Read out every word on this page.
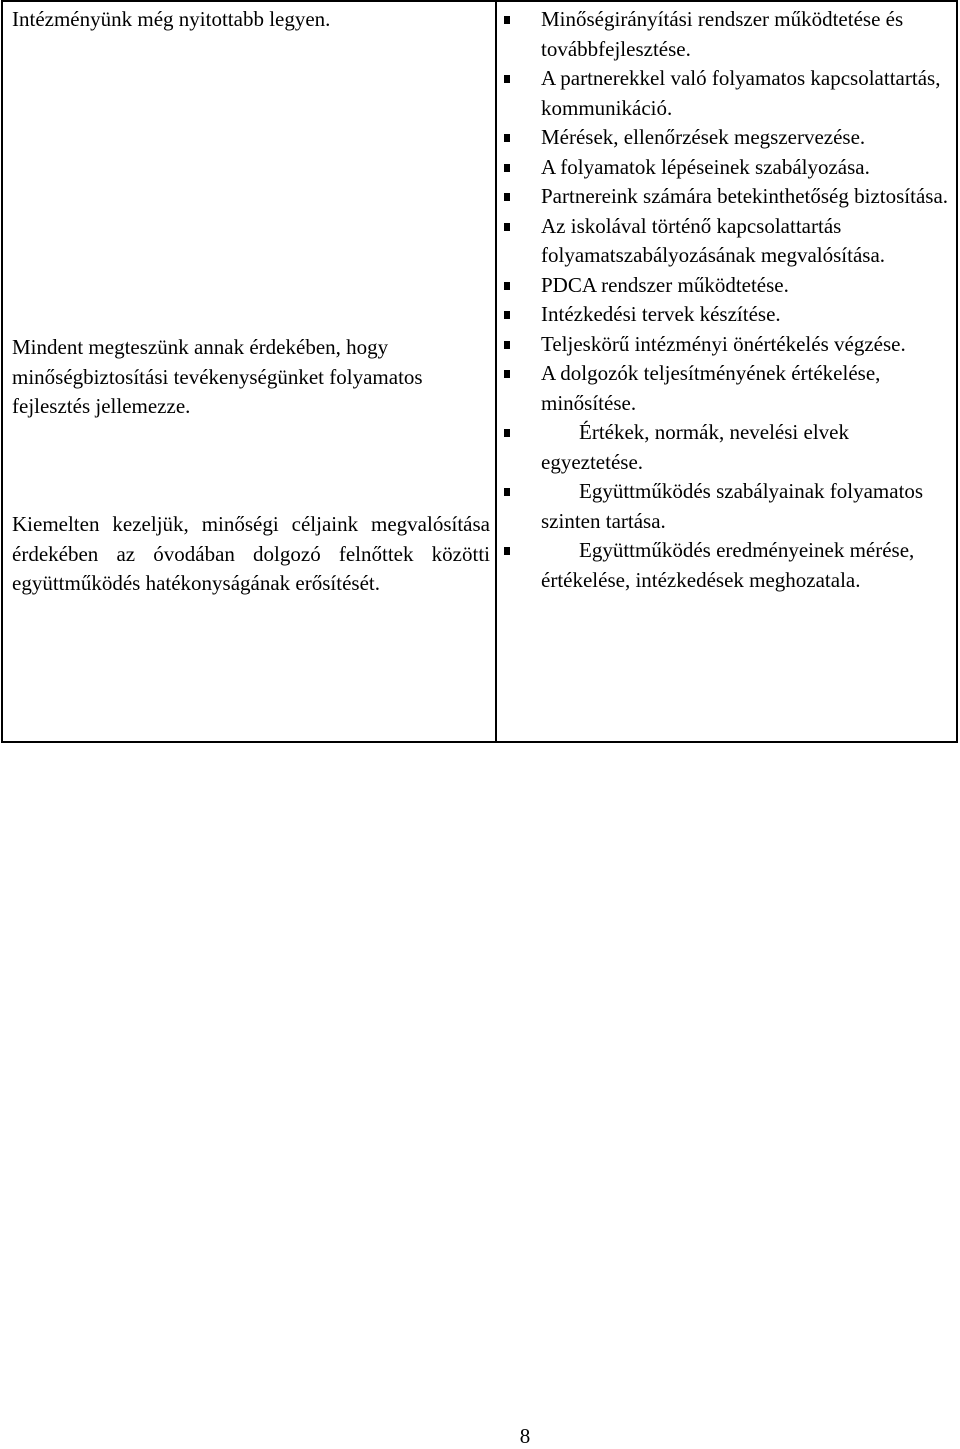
Intézményünk még nyitottabb legyen.

Mindent megteszünk annak érdekében, hogy minőségbiztosítási tevékenységünket folyamatos fejlesztés jellemezze.

Kiemelten kezeljük, minőségi céljaink megvalósítása érdekében az óvodában dolgozó felnőttek közötti együttműködés hatékonyságának erősítését.

Minőségirányítási rendszer működtetése és továbbfejlesztése.
A partnerekkel való folyamatos kapcsolattartás, kommunikáció.
Mérések, ellenőrzések megszervezése.
A folyamatok lépéseinek szabályozása.
Partnereink számára betekinthetőség biztosítása.
Az iskolával történő kapcsolattartás folyamatszabályozásának megvalósítása.
PDCA rendszer működtetése.
Intézkedési tervek készítése.
Teljeskörű intézményi önértékelés végzése.
A dolgozók teljesítményének értékelése, minősítése.
Értékek, normák, nevelési elvek egyeztetése.
Együttműködés szabályainak folyamatos szinten tartása.
Együttműködés eredményeinek mérése, értékelése, intézkedések meghozatala.
8
